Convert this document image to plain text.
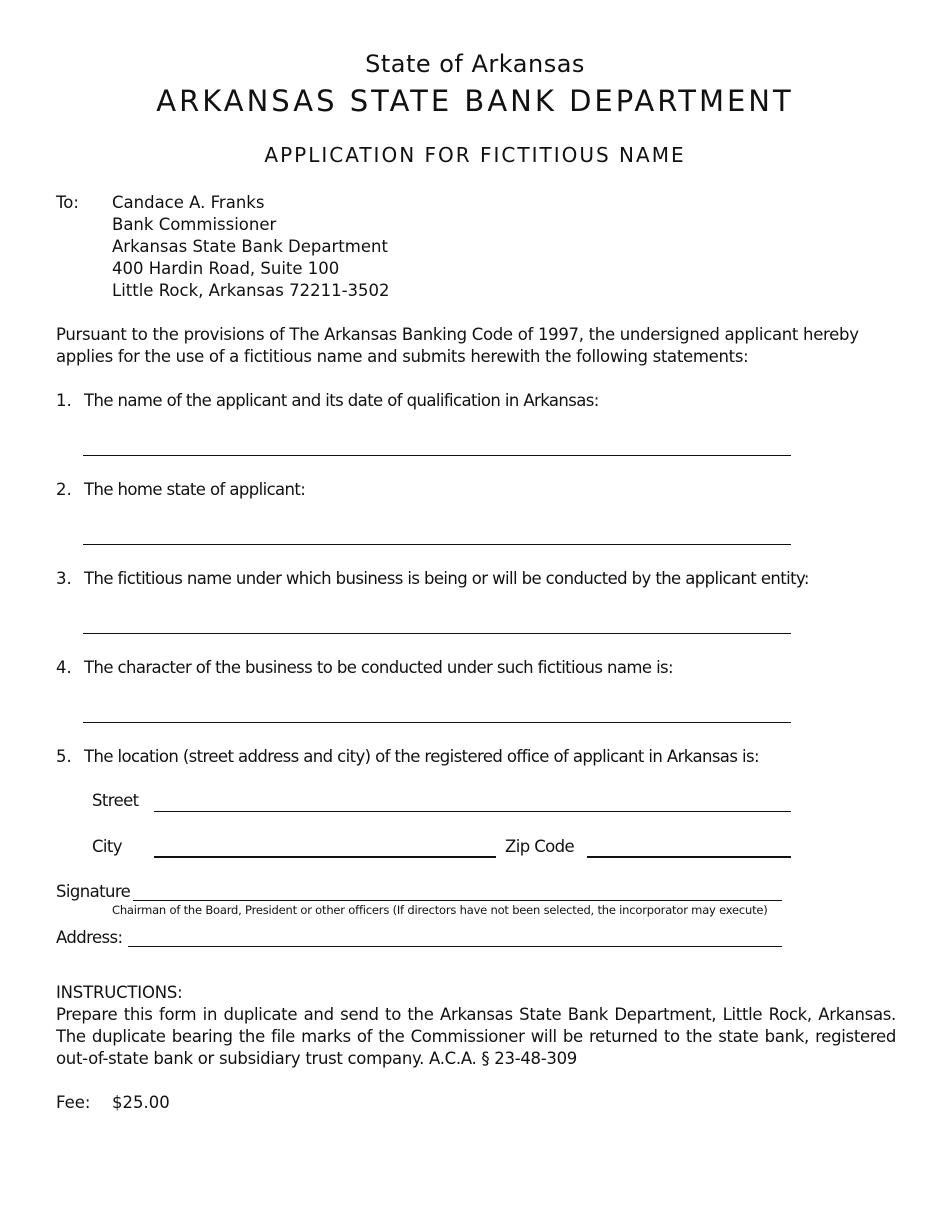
State of Arkansas
ARKANSAS STATE BANK DEPARTMENT
APPLICATION FOR FICTITIOUS NAME
To: Candace A. Franks
Bank Commissioner
Arkansas State Bank Department
400 Hardin Road, Suite 100
Little Rock, Arkansas 72211-3502
Pursuant to the provisions of The Arkansas Banking Code of 1997, the undersigned applicant hereby applies for the use of a fictitious name and submits herewith the following statements:
1. The name of the applicant and its date of qualification in Arkansas:
2. The home state of applicant:
3. The fictitious name under which business is being or will be conducted by the applicant entity:
4. The character of the business to be conducted under such fictitious name is:
5. The location (street address and city) of the registered office of applicant in Arkansas is:
Street
City	Zip Code
Signature
Chairman of the Board, President or other officers (If directors have not been selected, the incorporator may execute)
Address:
INSTRUCTIONS:
Prepare this form in duplicate and send to the Arkansas State Bank Department, Little Rock, Arkansas. The duplicate bearing the file marks of the Commissioner will be returned to the state bank, registered out-of-state bank or subsidiary trust company. A.C.A. § 23-48-309
Fee: $25.00
